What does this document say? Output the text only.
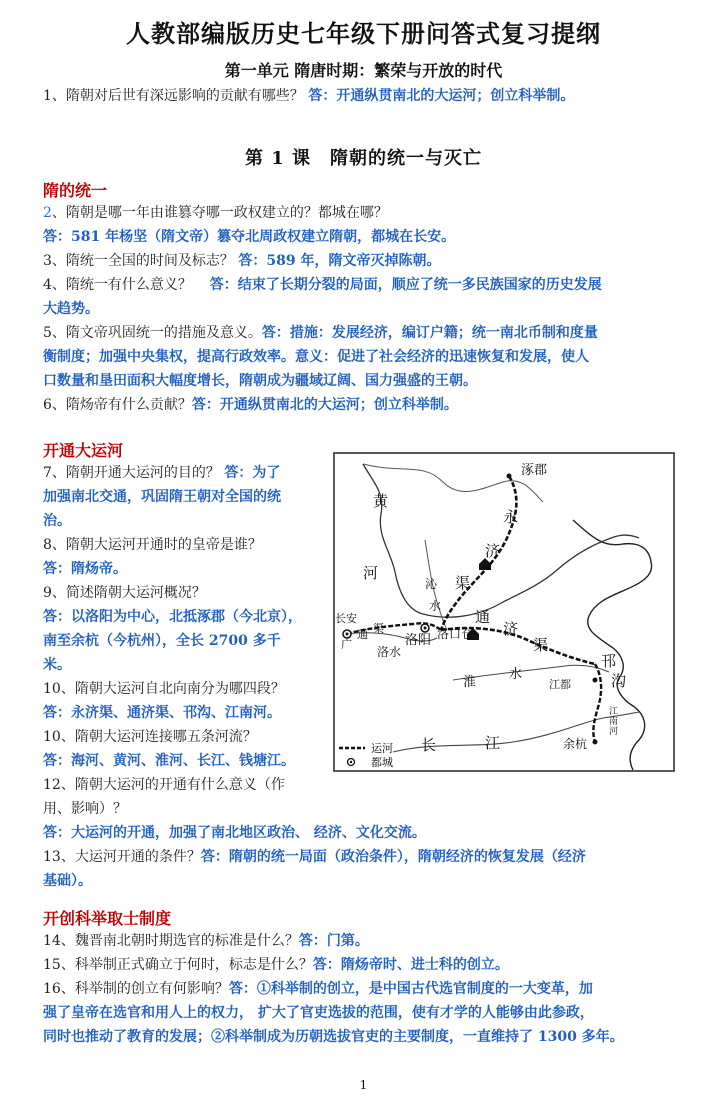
人教部编版历史七年级下册问答式复习提纲
第一单元 隋唐时期：繁荣与开放的时代
1、隋朝对后世有深远影响的贡献有哪些？ 答：开通纵贯南北的大运河；创立科举制。
第 1 课　隋朝的统一与灭亡
隋的统一
2、隋朝是哪一年由谁篡夺哪一政权建立的？都城在哪？
答：581 年杨坚（隋文帝）篡夺北周政权建立隋朝，都城在长安。
3、隋统一全国的时间及标志？ 答：589 年，隋文帝灭掉陈朝。
4、隋统一有什么意义？ 答：结束了长期分裂的局面，顺应了统一多民族国家的历史发展
大趋势。
5、隋文帝巩固统一的措施及意义。答：措施：发展经济，编订户籍；统一南北币制和度量
衡制度；加强中央集权，提高行政效率。意义：促进了社会经济的迅速恢复和发展，使人
口数量和垦田面积大幅度增长，隋朝成为疆域辽阔、国力强盛的王朝。
6、隋炀帝有什么贡献？答：开通纵贯南北的大运河；创立科举制。
开通大运河
7、隋朝开通大运河的目的？ 答：为了
加强南北交通，巩固隋王朝对全国的统
治。
8、隋朝大运河开通时的皇帝是谁？
答：隋炀帝。
9、简述隋朝大运河概况？
答：以洛阳为中心，北抵涿郡（今北京），
南至余杭（今杭州），全长 2700 多千
米。
10、隋朝大运河自北向南分为哪四段？
答：永济渠、通济渠、邗沟、江南河。
10、隋朝大运河连接哪五条河流？
答：海河、黄河、淮河、长江、钱塘江。
12、隋朝大运河的开通有什么意义（作
用、影响）？
答：大运河的开通，加强了南北地区政治、 经济、文化交流。
13、大运河开通的条件？答：隋朝的统一局面（政治条件），隋朝经济的恢复发展（经济
基础）。
涿郡
黄
河
永
济
渠
沁
水
长安
广
通 渠
洛阳 洛口仓
洛水
通
济
渠
淮
水
邗
沟
江都
江
南
河
长	江	余杭
运河
都城
开创科举取士制度
14、魏晋南北朝时期选官的标准是什么？答：门第。
15、科举制正式确立于何时，标志是什么？答：隋炀帝时、进士科的创立。
16、科举制的创立有何影响？答：①科举制的创立，是中国古代选官制度的一大变革，加
强了皇帝在选官和用人上的权力， 扩大了官吏选拔的范围，使有才学的人能够由此参政，
同时也推动了教育的发展；②科举制成为历朝选拔官吏的主要制度，一直维持了 1300 多年。
1
